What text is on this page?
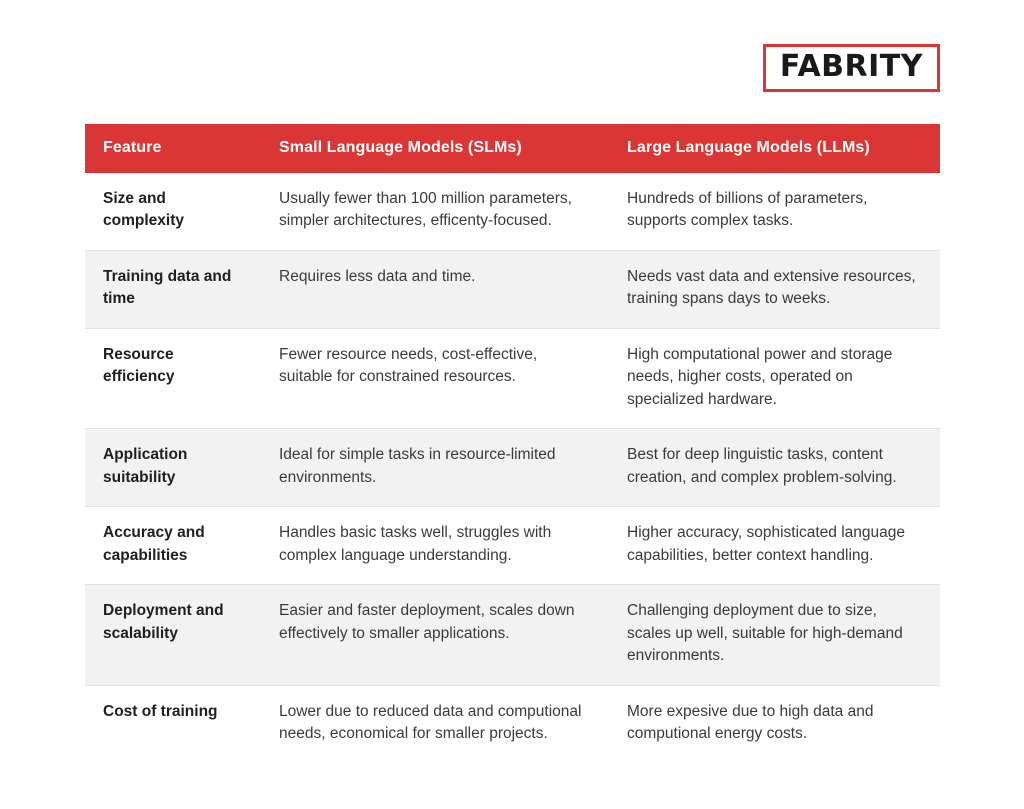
FABRITY
Feature	Small Language Models (SLMs)	Large Language Models (LLMs)
Size and complexity	Usually fewer than 100 million parameters, simpler architectures, efficenty-focused.	Hundreds of billions of parameters, supports complex tasks.
Training data and time	Requires less data and time.	Needs vast data and extensive resources, training spans days to weeks.
Resource efficiency	Fewer resource needs, cost-effective, suitable for constrained resources.	High computational power and storage needs, higher costs, operated on specialized hardware.
Application suitability	Ideal for simple tasks in resource-limited environments.	Best for deep linguistic tasks, content creation, and complex problem-solving.
Accuracy and capabilities	Handles basic tasks well, struggles with complex language understanding.	Higher accuracy, sophisticated language capabilities, better context handling.
Deployment and scalability	Easier and faster deployment, scales down effectively to smaller applications.	Challenging deployment due to size, scales up well, suitable for high-demand environments.
Cost of training	Lower due to reduced data and computional needs, economical for smaller projects.	More expesive due to high data and computional energy costs.
